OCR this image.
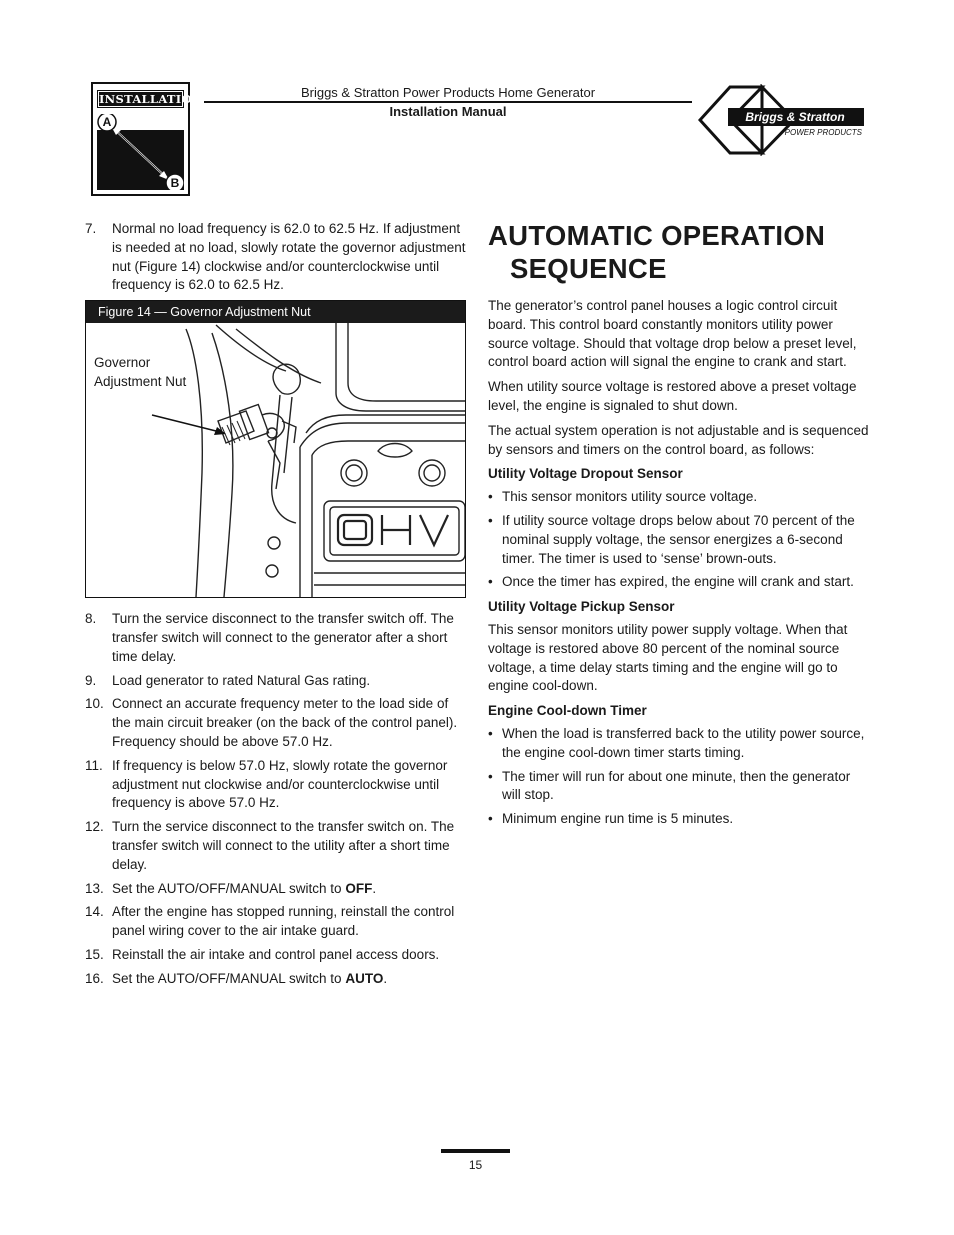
INSTALLATION
A
B
Briggs & Stratton Power Products Home Generator
Installation Manual	Briggs & Stratton
POWER PRODUCTS
7. Normal no load frequency is 62.0 to 62.5 Hz. If adjustment is needed at no load, slowly rotate the governor adjustment nut (Figure 14) clockwise and/or counterclockwise until frequency is 62.0 to 62.5 Hz.
Figure 14 — Governor Adjustment Nut
OHV
Governor
Adjustment Nut
8. Turn the service disconnect to the transfer switch off. The transfer switch will connect to the generator after a short time delay.
9. Load generator to rated Natural Gas rating.
10. Connect an accurate frequency meter to the load side of the main circuit breaker (on the back of the control panel). Frequency should be above 57.0 Hz.
11. If frequency is below 57.0 Hz, slowly rotate the governor adjustment nut clockwise and/or counterclockwise until frequency is above 57.0 Hz.
12. Turn the service disconnect to the transfer switch on. The transfer switch will connect to the utility after a short time delay.
13. Set the AUTO/OFF/MANUAL switch to OFF.
14. After the engine has stopped running, reinstall the control panel wiring cover to the air intake guard.
15. Reinstall the air intake and control panel access doors.
16. Set the AUTO/OFF/MANUAL switch to AUTO.
AUTOMATIC OPERATION
SEQUENCE

The generator’s control panel houses a logic control circuit board. This control board constantly monitors utility power source voltage. Should that voltage drop below a preset level, control board action will signal the engine to crank and start.

When utility source voltage is restored above a preset voltage level, the engine is signaled to shut down.

The actual system operation is not adjustable and is sequenced by sensors and timers on the control board, as follows:

Utility Voltage Dropout Sensor
• This sensor monitors utility source voltage.
• If utility source voltage drops below about 70 percent of the nominal supply voltage, the sensor energizes a 6-second timer. The timer is used to ‘sense’ brown-outs.
• Once the timer has expired, the engine will crank and start.
Utility Voltage Pickup Sensor

This sensor monitors utility power supply voltage. When that voltage is restored above 80 percent of the nominal source voltage, a time delay starts timing and the engine will go to engine cool-down.

Engine Cool-down Timer
• When the load is transferred back to the utility power source, the engine cool-down timer starts timing.
• The timer will run for about one minute, then the generator will stop.
• Minimum engine run time is 5 minutes.
15
